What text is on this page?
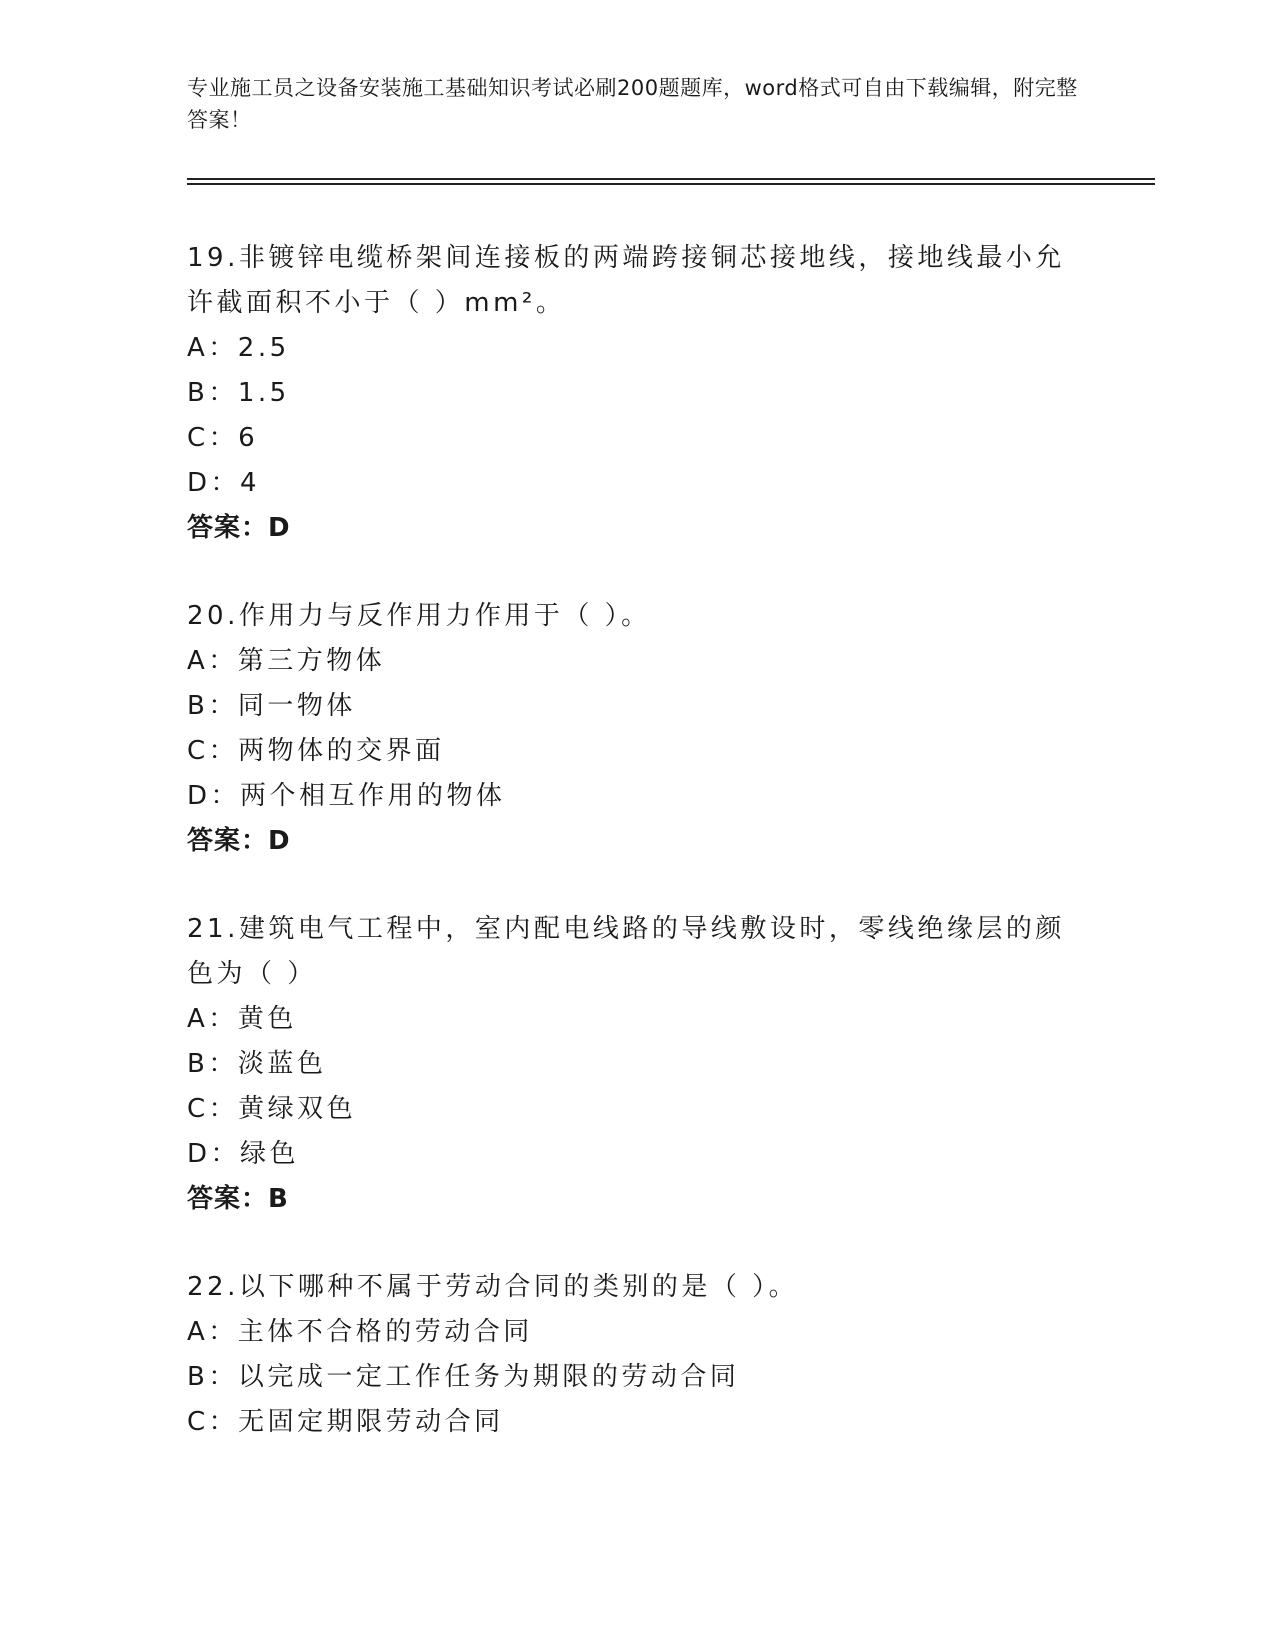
专业施工员之设备安装施工基础知识考试必刷200题题库，word格式可自由下载编辑，附完整答案！

19.非镀锌电缆桥架间连接板的两端跨接铜芯接地线，接地线最小允许截面积不小于（ ）mm²。

A：2.5
B：1.5
C：6
D：4
答案：D

20.作用力与反作用力作用于（ ）。

A：第三方物体
B：同一物体
C：两物体的交界面
D：两个相互作用的物体
答案：D

21.建筑电气工程中，室内配电线路的导线敷设时，零线绝缘层的颜色为（ ）

A：黄色
B：淡蓝色
C：黄绿双色
D：绿色
答案：B

22.以下哪种不属于劳动合同的类别的是（ ）。

A：主体不合格的劳动合同
B：以完成一定工作任务为期限的劳动合同
C：无固定期限劳动合同
